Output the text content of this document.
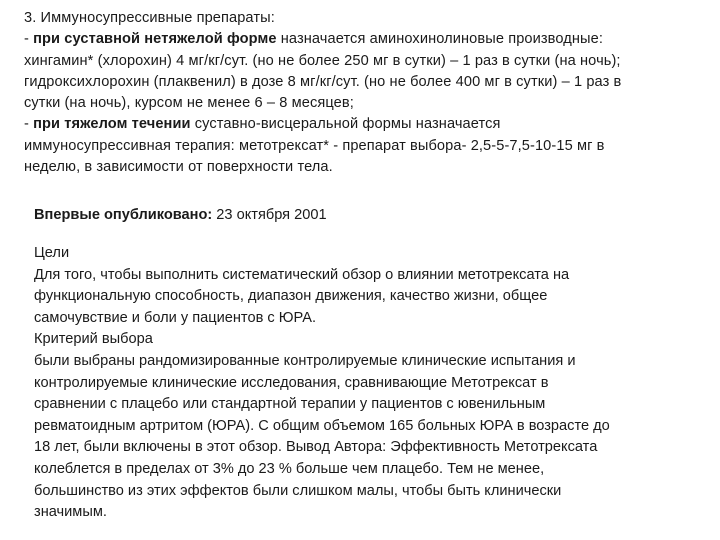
3. Иммуносупрессивные препараты:
- при суставной нетяжелой форме назначается аминохинолиновые производные:
хингамин* (хлорохин) 4 мг/кг/сут. (но не более 250 мг в сутки) – 1 раз в сутки (на ночь);
гидроксихлорохин (плаквенил) в дозе 8 мг/кг/сут. (но не более 400 мг в сутки) – 1 раз в
сутки (на ночь), курсом не менее 6 – 8 месяцев;
- при тяжелом течении суставно-висцеральной формы назначается
иммуносупрессивная терапия: метотрексат* - препарат выбора- 2,5-5-7,5-10-15 мг в
неделю, в зависимости от поверхности тела.
Впервые опубликовано: 23 октября 2001
Цели
Для того, чтобы выполнить систематический обзор о влиянии метотрексата на
функциональную способность, диапазон движения, качество жизни, общее
самочувствие и боли у пациентов с ЮРА.
Критерий выбора
были выбраны рандомизированные контролируемые клинические испытания и
контролируемые клинические исследования, сравнивающие Метотрексат в
сравнении с плацебо или стандартной терапии у пациентов с ювенильным
ревматоидным артритом (ЮРА). С общим объемом 165 больных ЮРА в возрасте до
18 лет, были включены в этот обзор. Вывод Автора: Эффективность Метотрексата
колеблется в пределах от 3% до 23 % больше чем плацебо. Тем не менее,
большинство из этих эффектов были слишком малы, чтобы быть клинически
значимым.
